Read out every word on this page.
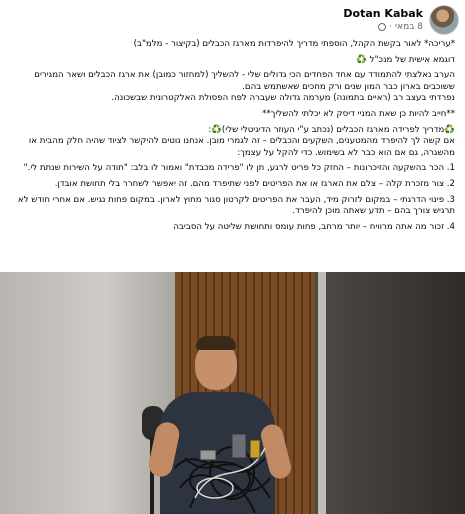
Dotan Kabak
8 במאי
·

*עריכה* לאור בקשת הקהל, הוספתי מדריך להיפרדות מארגז הכבלים (בקיצור - מלמ"ב)

דוגמא אישית של מנכ"ל ♻️

הערב נאלצתי להתמודד עם אחד הפחדים הכי גדולים שלי - להשליך (למחזור כמובן) את ארגז הכבלים ושאר המגירים ששוכבים בארון כבר המון שנים ורק מחכים שאשתמש בהם.

נפרדתי בעצב רב (ראיים בתמונה) מערמה גדולה שעברה לפח הפסולת האלקטרונית שבשכונה.

**חייב להיות כן שאת המניי דיסק לא יכלתי להשליך**

♻️מדריך לפרידה מארגז הכבלים (נכתב ע"י העוזר הדיגיטלי שלי)♻️:

אם קשה לך להיפרד מהמטענים, השקעים והכבלים – זה לגמרי מובן. אנחנו נוטים להיקשר לציוד שהיה חלק מהבית או מהשגרה, גם אם הוא כבר לא בשימוש. כדי להקל על עצמך:

1. הכר בהשקעה והזיכרונות – החזק כל פריט לרגע, תן לו "פרידה מכבדת" ואמור לו בלב: "תודה על השירות שנתת לי."

2. צור מזכרת קלה – צלם את הארגז או את הפריטים לפני שתיפרד מהם. זה יאפשר לשחרר בלי תחושת אובדן.

3. פינוי הדרגתי – במקום לזרוק מיד, העבר את הפריטים לקרטון סגור מחוץ לארון. במקום פחות נגיש. אם אחרי חודש לא תרגיש צורך בהם – תדע שאתה מוכן להיפרד.

4. זכור מה אתה מרוויח – יותר מרחב, פחות עומס ותחושת שליטה על הסביבה
